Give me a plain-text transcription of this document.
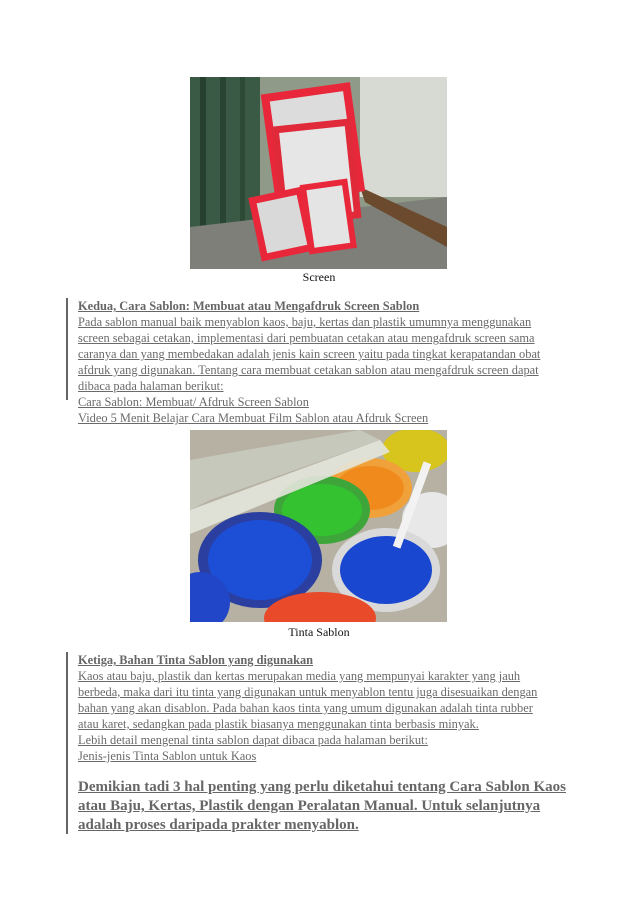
Screen

Kedua, Cara Sablon: Membuat atau Mengafdruk Screen Sablon

Pada sablon manual baik menyablon kaos, baju, kertas dan plastik umumnya menggunakan

screen sebagai cetakan, implementasi dari pembuatan cetakan atau mengafdruk screen sama

caranya dan yang membedakan adalah jenis kain screen yaitu pada tingkat kerapatandan obat

afdruk yang digunakan. Tentang cara membuat cetakan sablon atau mengafdruk screen dapat

dibaca pada halaman berikut:

Cara Sablon: Membuat/ Afdruk Screen Sablon
Video 5 Menit Belajar Cara Membuat Film Sablon atau Afdruk Screen
Tinta Sablon

Ketiga, Bahan Tinta Sablon yang digunakan

Kaos atau baju, plastik dan kertas merupakan media yang mempunyai karakter yang jauh

berbeda, maka dari itu tinta yang digunakan untuk menyablon tentu juga disesuaikan dengan

bahan yang akan disablon. Pada bahan kaos tinta yang umum digunakan adalah tinta rubber

atau karet, sedangkan pada plastik biasanya menggunakan tinta berbasis minyak.

Lebih detail mengenal tinta sablon dapat dibaca pada halaman berikut:

Jenis-jenis Tinta Sablon untuk Kaos

Demikian tadi 3 hal penting yang perlu diketahui tentang Cara Sablon Kaos

atau Baju, Kertas, Plastik dengan Peralatan Manual. Untuk selanjutnya

adalah proses daripada prakter menyablon.
